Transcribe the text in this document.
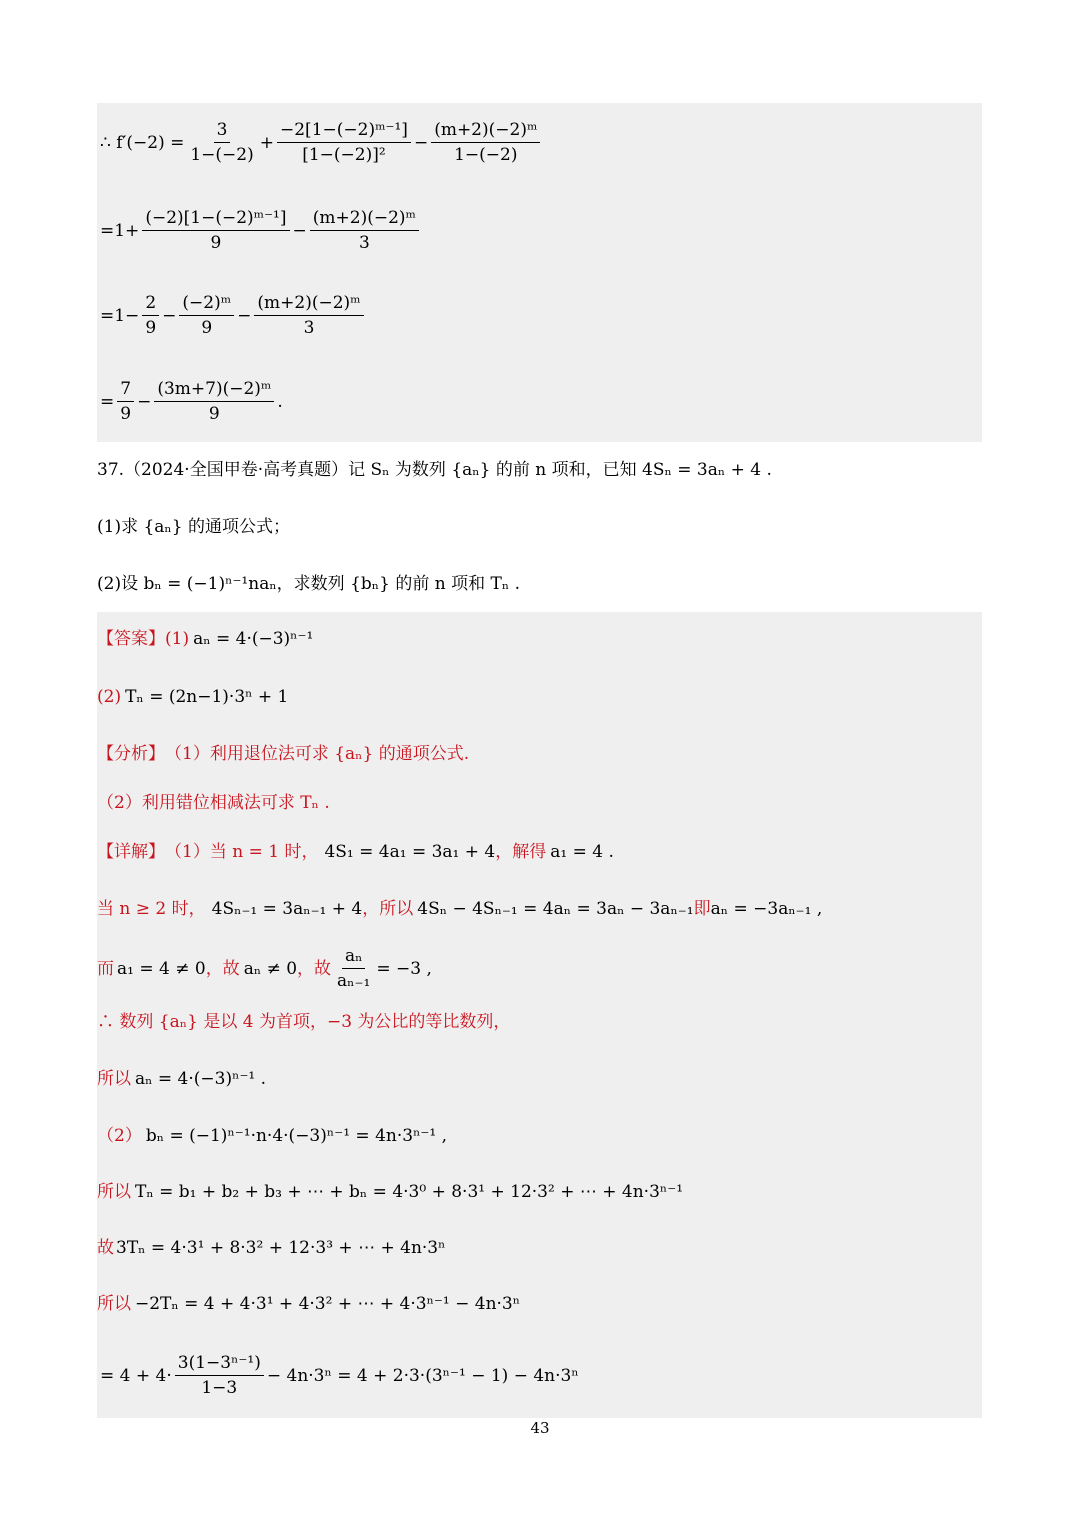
∴ $f'(-2) = \frac{3}{1-(-2)} + \frac{\text{−2[1−(−2)ᵐ⁻¹]}}{\text{[1−(−2)]²}} - \frac{\text{(m+2)(−2)ᵐ}}{1-(-2)}$
$=1+ \frac{\text{(−2)[1−(−2)ᵐ⁻¹]}}{9} - \frac{\text{(m+2)(−2)ᵐ}}{3}$
$=1- \frac{2}{9} - \frac{\text{(−2)ᵐ}}{9} - \frac{\text{(m+2)(−2)ᵐ}}{3}$
= $\frac{7}{9} - \frac{\text{(3m+7)(−2)ᵐ}}{9}$ .
37.（2024·全国甲卷·高考真题）记 Sₙ 为数列 {aₙ} 的前 n 项和，已知 4Sₙ = 3aₙ + 4 .
(1)求 {aₙ} 的通项公式；
(2)设 bₙ = (−1)ⁿ⁻¹naₙ，求数列 {bₙ} 的前 n 项和 Tₙ .
【答案】 (1) aₙ = 4·(−3)ⁿ⁻¹
(2) Tₙ = (2n−1)·3ⁿ + 1
【分析】 （1）利用退位法可求 {aₙ} 的通项公式.
（2）利用错位相减法可求 Tₙ .
【详解】 （1）当 n = 1 时， 4S₁ = 4a₁ = 3a₁ + 4 ，解得 a₁ = 4 .
当 n ≥ 2 时， 4Sₙ₋₁ = 3aₙ₋₁ + 4 ，所以 4Sₙ − 4Sₙ₋₁ = 4aₙ = 3aₙ − 3aₙ₋₁ 即 aₙ = −3aₙ₋₁ ,
而 a₁ = 4 ≠ 0 ，故 aₙ ≠ 0 ，故 $\frac{\text{aₙ}}{\text{aₙ₋₁}} = -3$ ,
∴ 数列 {aₙ} 是以 4 为首项，−3 为公比的等比数列，
所以 aₙ = 4·(−3)ⁿ⁻¹ .
（2） bₙ = (−1)ⁿ⁻¹·n·4·(−3)ⁿ⁻¹ = 4n·3ⁿ⁻¹ ,
所以 Tₙ = b₁ + b₂ + b₃ + ⋯ + bₙ = 4·3⁰ + 8·3¹ + 12·3² + ⋯ + 4n·3ⁿ⁻¹
故 3Tₙ = 4·3¹ + 8·3² + 12·3³ + ⋯ + 4n·3ⁿ
所以 −2Tₙ = 4 + 4·3¹ + 4·3² + ⋯ + 4·3ⁿ⁻¹ − 4n·3ⁿ
= $4 + 4\cdot \frac{\text{3(1−3ⁿ⁻¹)}}{1-3} - 4n\cdot 3^n = 4 + 2\cdot 3\cdot(3^{n-1} - 1) - 4n\cdot 3^n$
43
